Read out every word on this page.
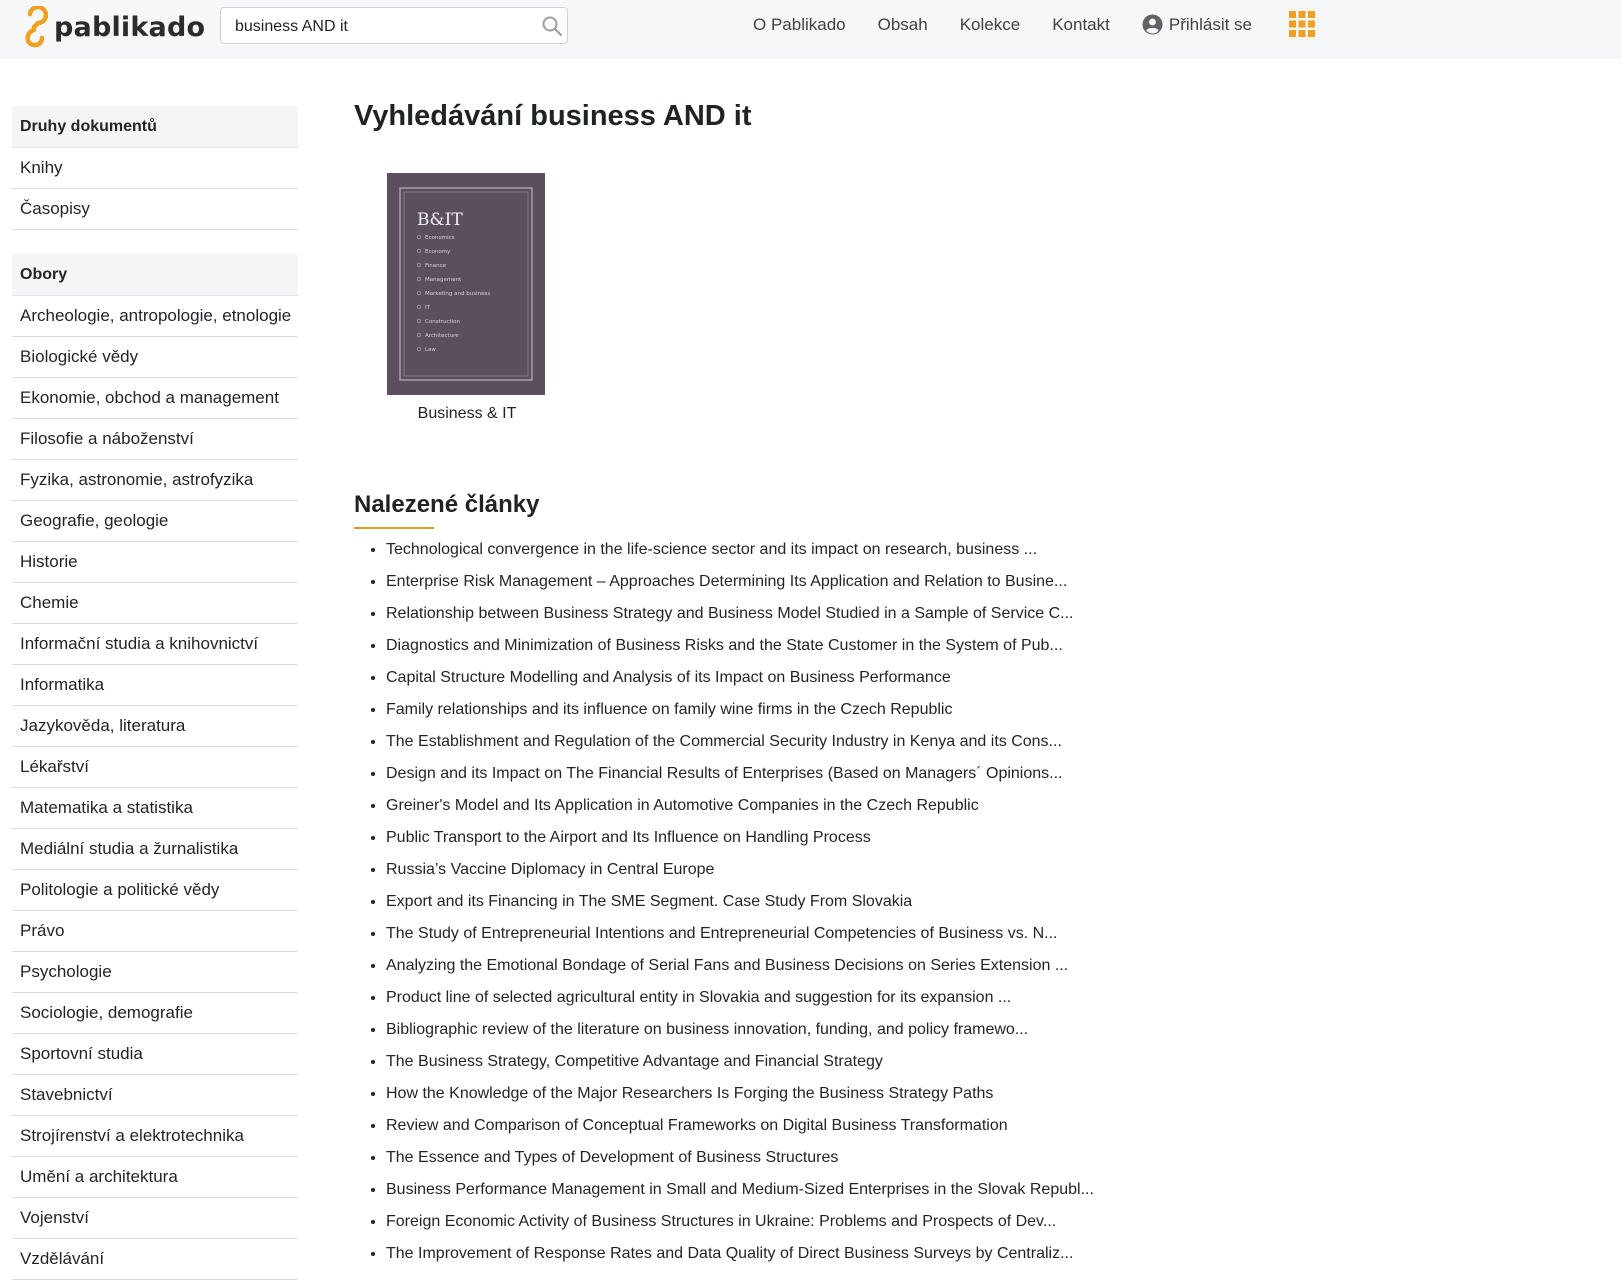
pablikado
business AND it	O Pablikado Obsah Kolekce Kontakt	Přihlásit se
Druhy dokumentů
Knihy
Časopisy
Obory
Archeologie, antropologie, etnologie
Biologické vědy
Ekonomie, obchod a management
Filosofie a náboženství
Fyzika, astronomie, astrofyzika
Geografie, geologie
Historie
Chemie
Informační studia a knihovnictví
Informatika
Jazykověda, literatura
Lékařství
Matematika a statistika
Mediální studia a žurnalistika
Politologie a politické vědy
Právo
Psychologie
Sociologie, demografie
Sportovní studia
Stavebnictví
Strojírenství a elektrotechnika
Umění a architektura
Vojenství
Vzdělávání
Vyhledávání business AND it
B&IT
Economics
Economy
Finance
Management
Marketing and business
IT
Construction
Architecture
Law
Business & IT
Nalezené články
• Technological convergence in the life-science sector and its impact on research, business ...
• Enterprise Risk Management – Approaches Determining Its Application and Relation to Busine...
• Relationship between Business Strategy and Business Model Studied in a Sample of Service C...
• Diagnostics and Minimization of Business Risks and the State Customer in the System of Pub...
• Capital Structure Modelling and Analysis of its Impact on Business Performance
• Family relationships and its influence on family wine firms in the Czech Republic
• The Establishment and Regulation of the Commercial Security Industry in Kenya and its Cons...
• Design and its Impact on The Financial Results of Enterprises (Based on Managers´ Opinions...
• Greiner's Model and Its Application in Automotive Companies in the Czech Republic
• Public Transport to the Airport and Its Influence on Handling Process
• Russia’s Vaccine Diplomacy in Central Europe
• Export and its Financing in The SME Segment. Case Study From Slovakia
• The Study of Entrepreneurial Intentions and Entrepreneurial Competencies of Business vs. N...
• Analyzing the Emotional Bondage of Serial Fans and Business Decisions on Series Extension ...
• Product line of selected agricultural entity in Slovakia and suggestion for its expansion ...
• Bibliographic review of the literature on business innovation, funding, and policy framewo...
• The Business Strategy, Competitive Advantage and Financial Strategy
• How the Knowledge of the Major Researchers Is Forging the Business Strategy Paths
• Review and Comparison of Conceptual Frameworks on Digital Business Transformation
• The Essence and Types of Development of Business Structures
• Business Performance Management in Small and Medium-Sized Enterprises in the Slovak Republ...
• Foreign Economic Activity of Business Structures in Ukraine: Problems and Prospects of Dev...
• The Improvement of Response Rates and Data Quality of Direct Business Surveys by Centraliz...
